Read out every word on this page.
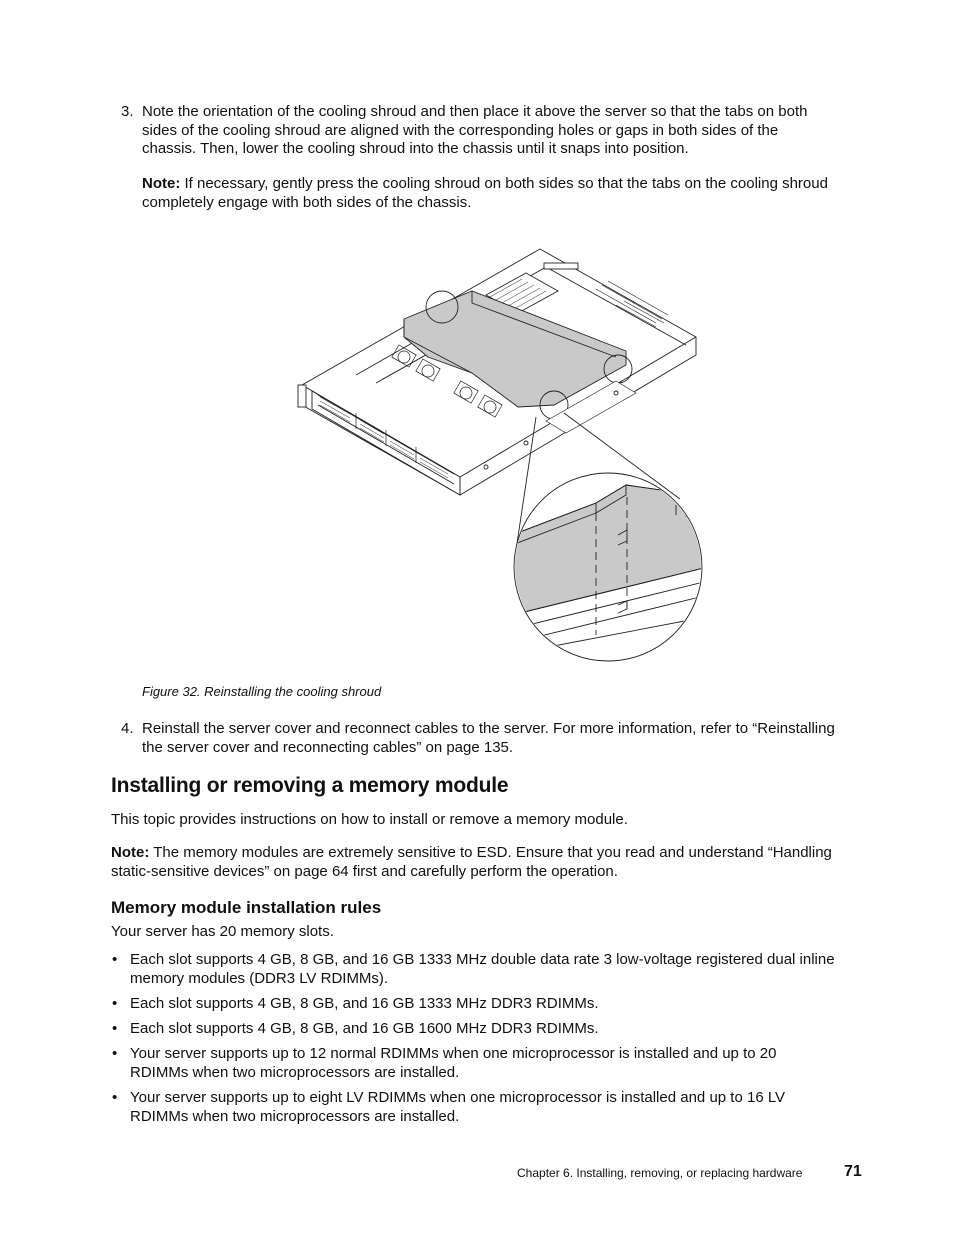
3. Note the orientation of the cooling shroud and then place it above the server so that the tabs on both
sides of the cooling shroud are aligned with the corresponding holes or gaps in both sides of the
chassis. Then, lower the cooling shroud into the chassis until it snaps into position.
Note: If necessary, gently press the cooling shroud on both sides so that the tabs on the cooling shroud
completely engage with both sides of the chassis.
Figure 32. Reinstalling the cooling shroud
4. Reinstall the server cover and reconnect cables to the server. For more information, refer to “Reinstalling
the server cover and reconnecting cables” on page 135.
Installing or removing a memory module
This topic provides instructions on how to install or remove a memory module.
Note: The memory modules are extremely sensitive to ESD. Ensure that you read and understand “Handling
static-sensitive devices” on page 64 first and carefully perform the operation.
Memory module installation rules
Your server has 20 memory slots.
• Each slot supports 4 GB, 8 GB, and 16 GB 1333 MHz double data rate 3 low-voltage registered dual inline
memory modules (DDR3 LV RDIMMs).
• Each slot supports 4 GB, 8 GB, and 16 GB 1333 MHz DDR3 RDIMMs.
• Each slot supports 4 GB, 8 GB, and 16 GB 1600 MHz DDR3 RDIMMs.
• Your server supports up to 12 normal RDIMMs when one microprocessor is installed and up to 20
RDIMMs when two microprocessors are installed.
• Your server supports up to eight LV RDIMMs when one microprocessor is installed and up to 16 LV
RDIMMs when two microprocessors are installed.
Chapter 6. Installing, removing, or replacing hardware	71
